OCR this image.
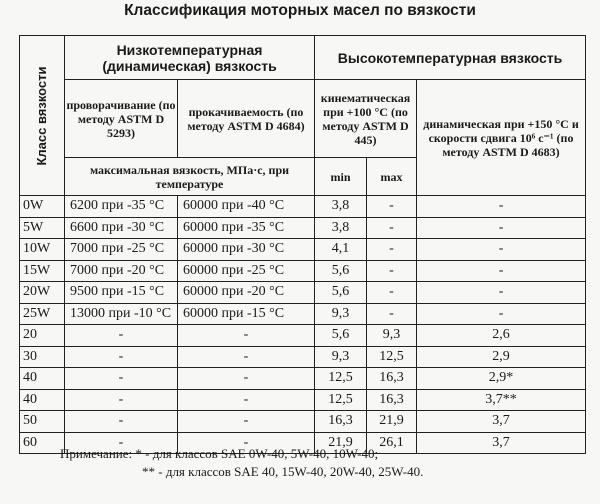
Классификация моторных масел по вязкости
Класс вязкости	Низкотемпературная (динамическая) вязкость		Высокотемпературная вязкость		
	проворачивание (по методу ASTM D 5293)	прокачиваемость (по методу ASTM D 4684)	кинематическая при +100 °C (по методу ASTM D 445)		динамическая при +150 °C и скорости сдвига 10⁶ с⁻¹ (по методу ASTM D 4683)
	максимальная вязкость, МПа·с, при температуре		min	max	
0W	6200 при -35 °C	60000 при -40 °C	3,8	-	-
5W	6600 при -30 °C	60000 при -35 °C	3,8	-	-
10W	7000 при -25 °C	60000 при -30 °C	4,1	-	-
15W	7000 при -20 °C	60000 при -25 °C	5,6	-	-
20W	9500 при -15 °C	60000 при -20 °C	5,6	-	-
25W	13000 при -10 °C	60000 при -15 °C	9,3	-	-
20	-	-	5,6	9,3	2,6
30	-	-	9,3	12,5	2,9
40	-	-	12,5	16,3	2,9*
40	-	-	12,5	16,3	3,7**
50	-	-	16,3	21,9	3,7
60	-	-	21,9	26,1	3,7
Примечание: * - для классов SAE 0W-40, 5W-40, 10W-40;
** - для классов SAE 40, 15W-40, 20W-40, 25W-40.
